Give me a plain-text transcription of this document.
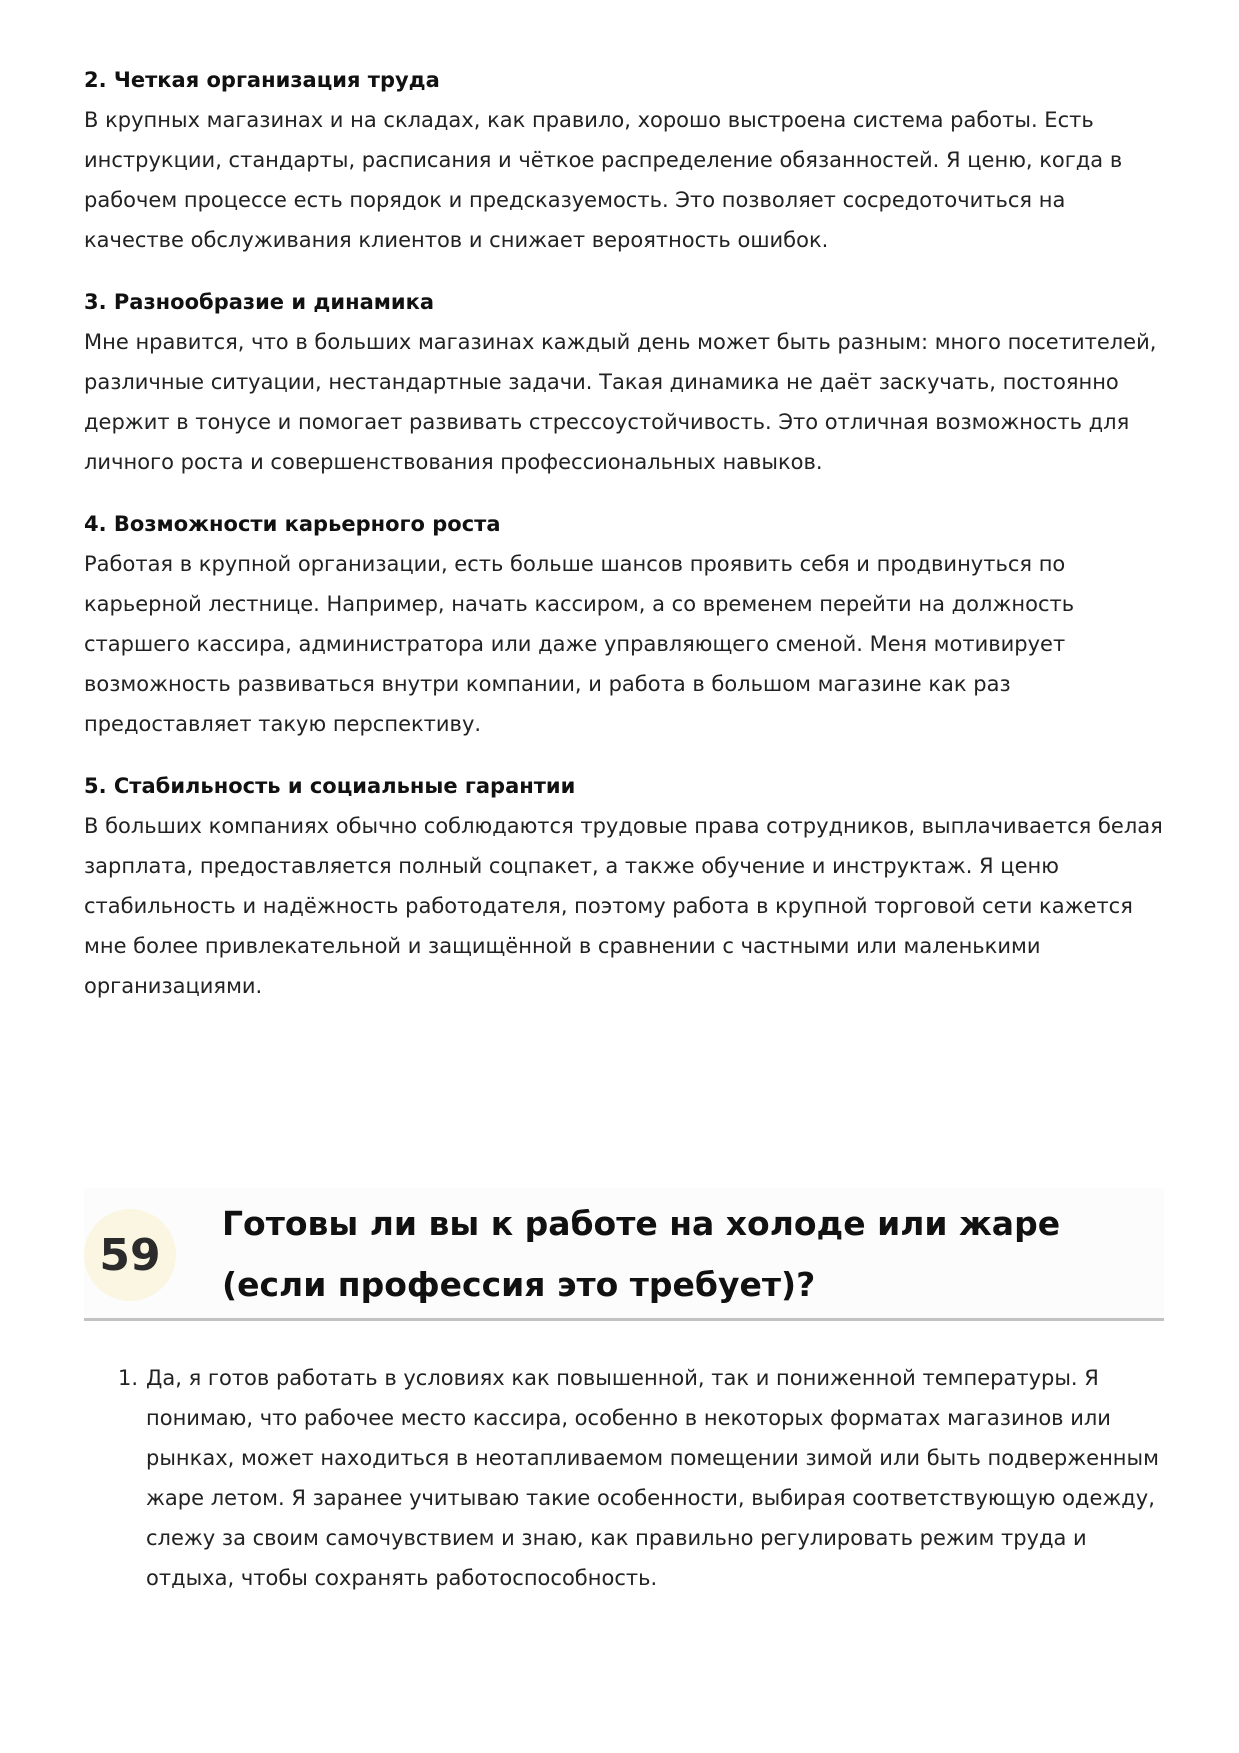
2. Четкая организация труда

В крупных магазинах и на складах, как правило, хорошо выстроена система работы. Есть инструкции, стандарты, расписания и чёткое распределение обязанностей. Я ценю, когда в рабочем процессе есть порядок и предсказуемость. Это позволяет сосредоточиться на качестве обслуживания клиентов и снижает вероятность ошибок.

3. Разнообразие и динамика

Мне нравится, что в больших магазинах каждый день может быть разным: много посетителей, различные ситуации, нестандартные задачи. Такая динамика не даёт заскучать, постоянно держит в тонусе и помогает развивать стрессоустойчивость. Это отличная возможность для личного роста и совершенствования профессиональных навыков.

4. Возможности карьерного роста

Работая в крупной организации, есть больше шансов проявить себя и продвинуться по карьерной лестнице. Например, начать кассиром, а со временем перейти на должность старшего кассира, администратора или даже управляющего сменой. Меня мотивирует возможность развиваться внутри компании, и работа в большом магазине как раз предоставляет такую перспективу.

5. Стабильность и социальные гарантии

В больших компаниях обычно соблюдаются трудовые права сотрудников, выплачивается белая зарплата, предоставляется полный соцпакет, а также обучение и инструктаж. Я ценю стабильность и надёжность работодателя, поэтому работа в крупной торговой сети кажется мне более привлекательной и защищённой в сравнении с частными или маленькими организациями.

59
Готовы ли вы к работе на холоде или жаре (если профессия это требует)?
1. Да, я готов работать в условиях как повышенной, так и пониженной температуры. Я понимаю, что рабочее место кассира, особенно в некоторых форматах магазинов или рынках, может находиться в неотапливаемом помещении зимой или быть подверженным жаре летом. Я заранее учитываю такие особенности, выбирая соответствующую одежду, слежу за своим самочувствием и знаю, как правильно регулировать режим труда и отдыха, чтобы сохранять работоспособность.
